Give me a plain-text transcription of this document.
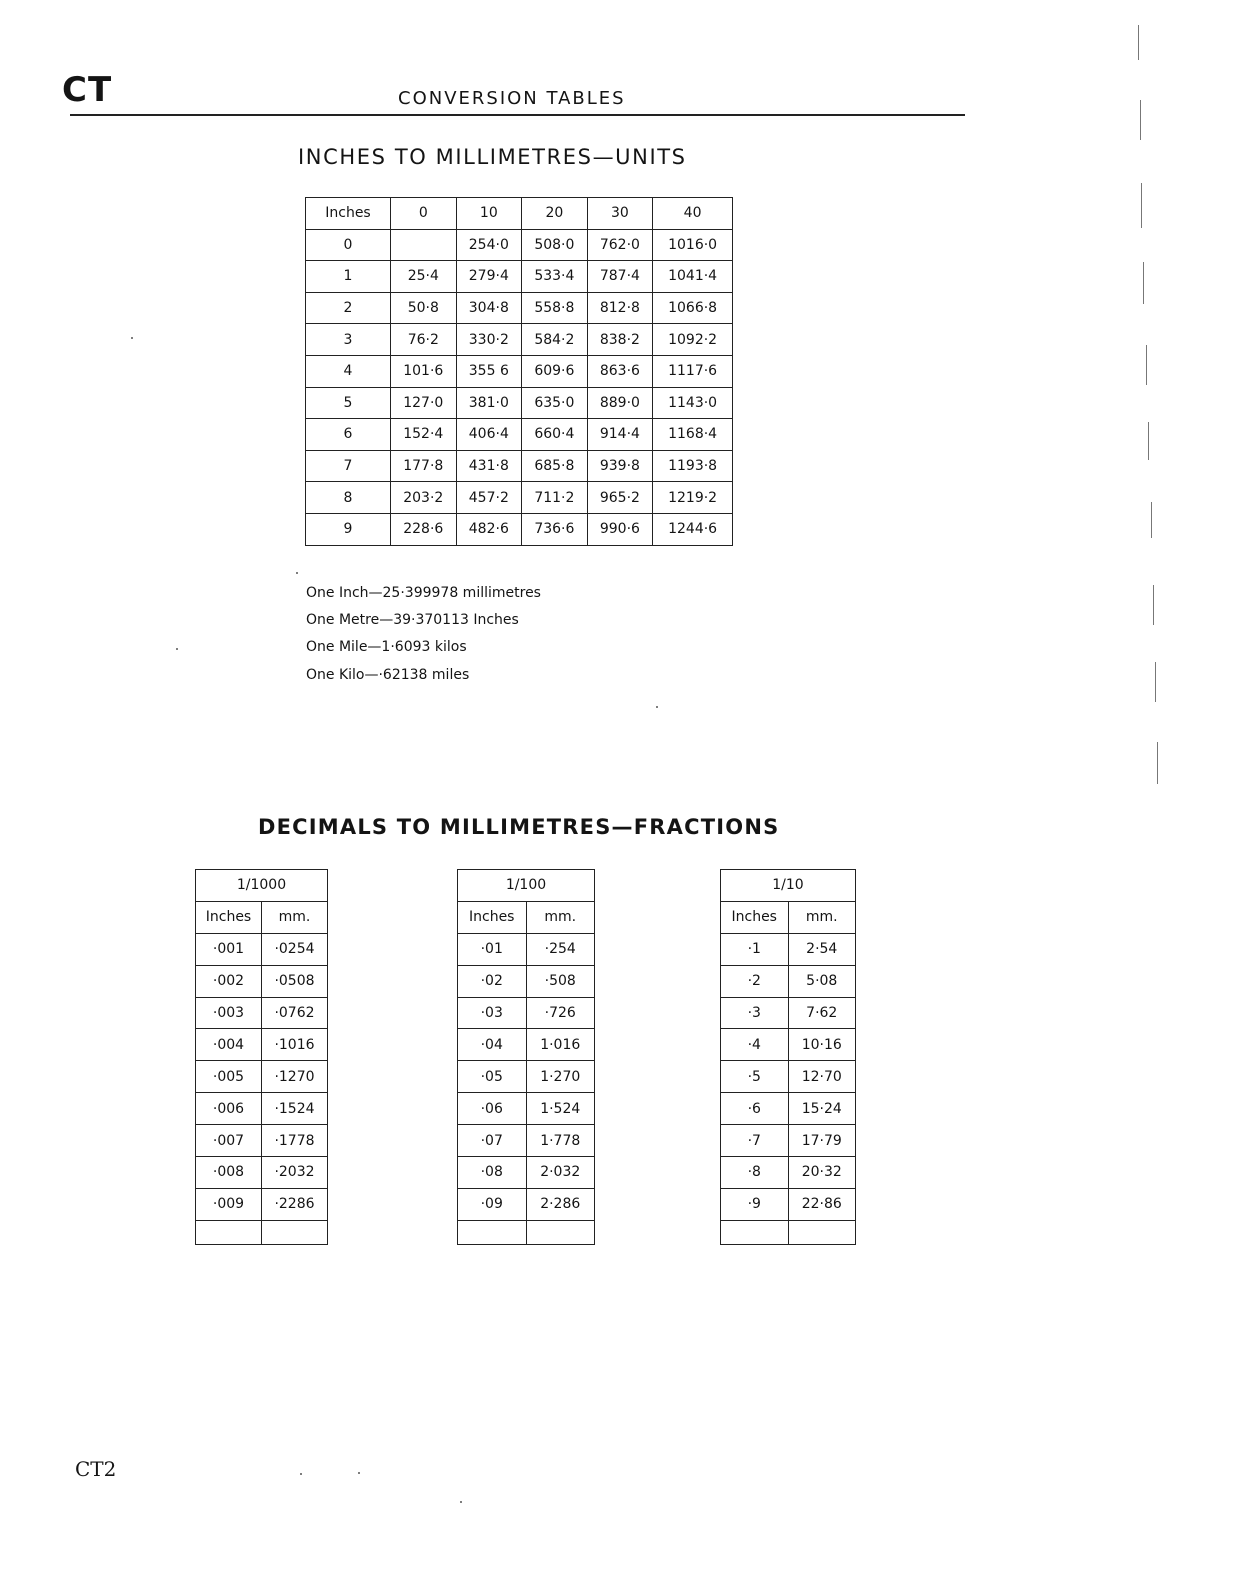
CT	CONVERSION TABLES
INCHES TO MILLIMETRES—UNITS
Inches	0	10	20	30	40
0		254·0	508·0	762·0	1016·0
1	25·4	279·4	533·4	787·4	1041·4
2	50·8	304·8	558·8	812·8	1066·8
3	76·2	330·2	584·2	838·2	1092·2
4	101·6	355 6	609·6	863·6	1117·6
5	127·0	381·0	635·0	889·0	1143·0
6	152·4	406·4	660·4	914·4	1168·4
7	177·8	431·8	685·8	939·8	1193·8
8	203·2	457·2	711·2	965·2	1219·2
9	228·6	482·6	736·6	990·6	1244·6
One Inch—25·399978 millimetres
One Metre—39·370113 Inches
One Mile—1·6093 kilos
One Kilo—·62138 miles
DECIMALS TO MILLIMETRES—FRACTIONS
1/1000	
Inches	mm.
·001	·0254
·002	·0508
·003	·0762
·004	·1016
·005	·1270
·006	·1524
·007	·1778
·008	·2032
·009	·2286

1/100	
Inches	mm.
·01	·254
·02	·508
·03	·726
·04	1·016
·05	1·270
·06	1·524
·07	1·778
·08	2·032
·09	2·286

1/10	
Inches	mm.
·1	2·54
·2	5·08
·3	7·62
·4	10·16
·5	12·70
·6	15·24
·7	17·79
·8	20·32
·9	22·86

CT2
